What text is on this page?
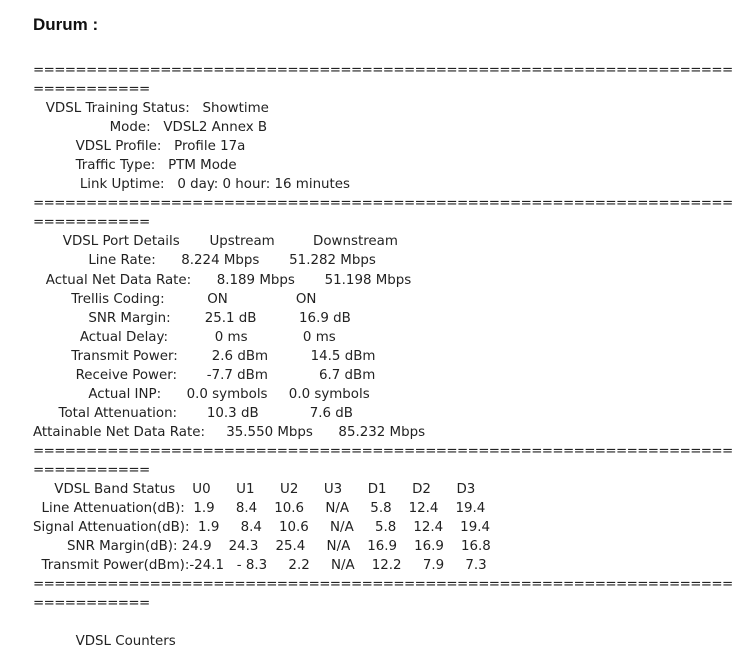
Durum :
==================================================================
===========
VDSL Training Status:   Showtime
Mode:   VDSL2 Annex B
VDSL Profile:   Profile 17a
Traffic Type:   PTM Mode
Link Uptime:   0 day: 0 hour: 16 minutes
==================================================================
===========
VDSL Port Details       Upstream         Downstream
Line Rate:      8.224 Mbps       51.282 Mbps
Actual Net Data Rate:      8.189 Mbps       51.198 Mbps
Trellis Coding:          ON                ON
SNR Margin:        25.1 dB          16.9 dB
Actual Delay:           0 ms             0 ms
Transmit Power:        2.6 dBm          14.5 dBm
Receive Power:       -7.7 dBm            6.7 dBm
Actual INP:      0.0 symbols     0.0 symbols
Total Attenuation:       10.3 dB            7.6 dB
Attainable Net Data Rate:     35.550 Mbps      85.232 Mbps
==================================================================
===========
VDSL Band Status    U0      U1      U2      U3      D1      D2      D3
Line Attenuation(dB):  1.9     8.4    10.6     N/A     5.8    12.4    19.4
Signal Attenuation(dB):  1.9     8.4    10.6     N/A     5.8    12.4    19.4
SNR Margin(dB): 24.9    24.3    25.4     N/A    16.9    16.9    16.8
Transmit Power(dBm):-24.1   - 8.3     2.2     N/A    12.2     7.9     7.3
==================================================================
===========
VDSL Counters
